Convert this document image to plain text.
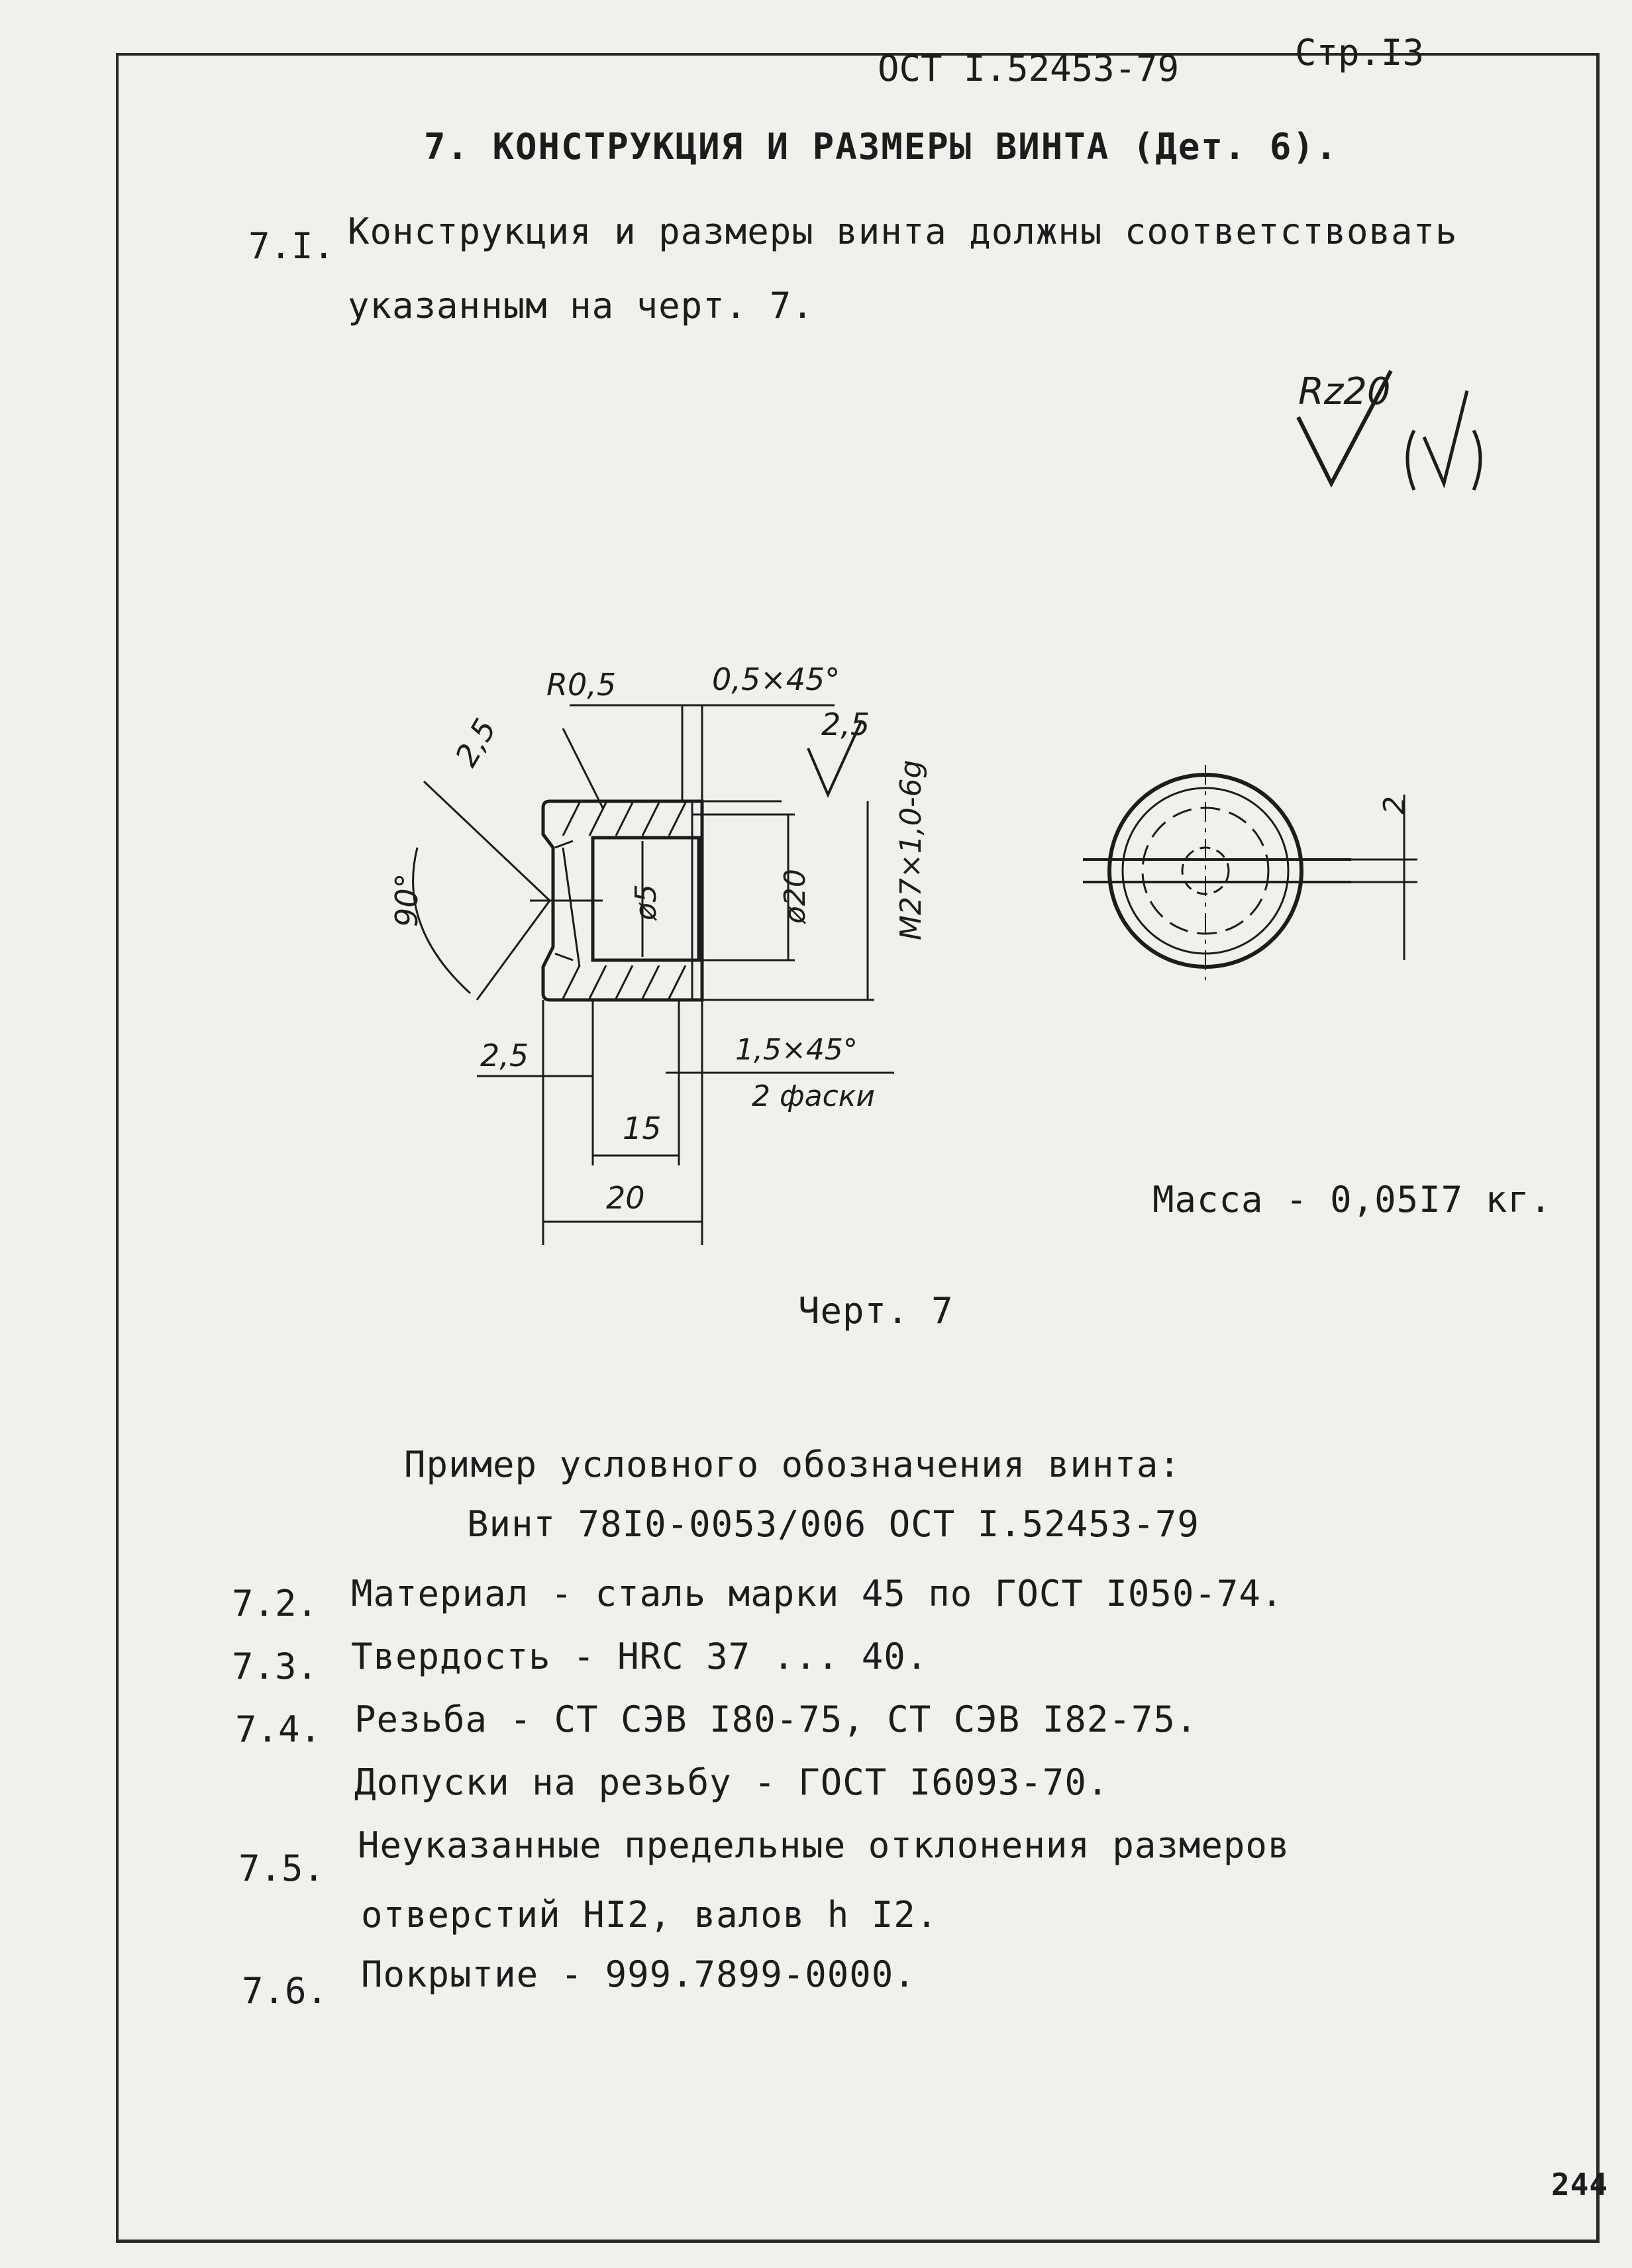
ОСТ I.52453-79	Стр.I3
7. КОНСТРУКЦИЯ И РАЗМЕРЫ ВИНТА (Дет. 6).
7.I. Конструкция и размеры винта должны соответствовать
указанным на черт. 7.
Rz20
R0,5	0,5×45°
2,5
2,5
90°	ø5	ø20	M27×1,0-6g
2,5	1,5×45°
2 фаски
15
20
2
Масса - 0,05I7 кг.
Черт. 7
Пример условного обозначения винта:
Винт 78I0-0053/006 ОСТ I.52453-79
7.2. Материал - сталь марки 45 по ГОСТ I050-74.
7.3. Твердость - HRC 37 ... 40.
7.4. Резьба - СТ СЭВ I80-75, СТ СЭВ I82-75.
Допуски на резьбу - ГОСТ I6093-70.
7.5.
Неуказанные предельные отклонения размеров
отверстий HI2, валов h I2.
7.6. Покрытие - 999.7899-0000.
244
